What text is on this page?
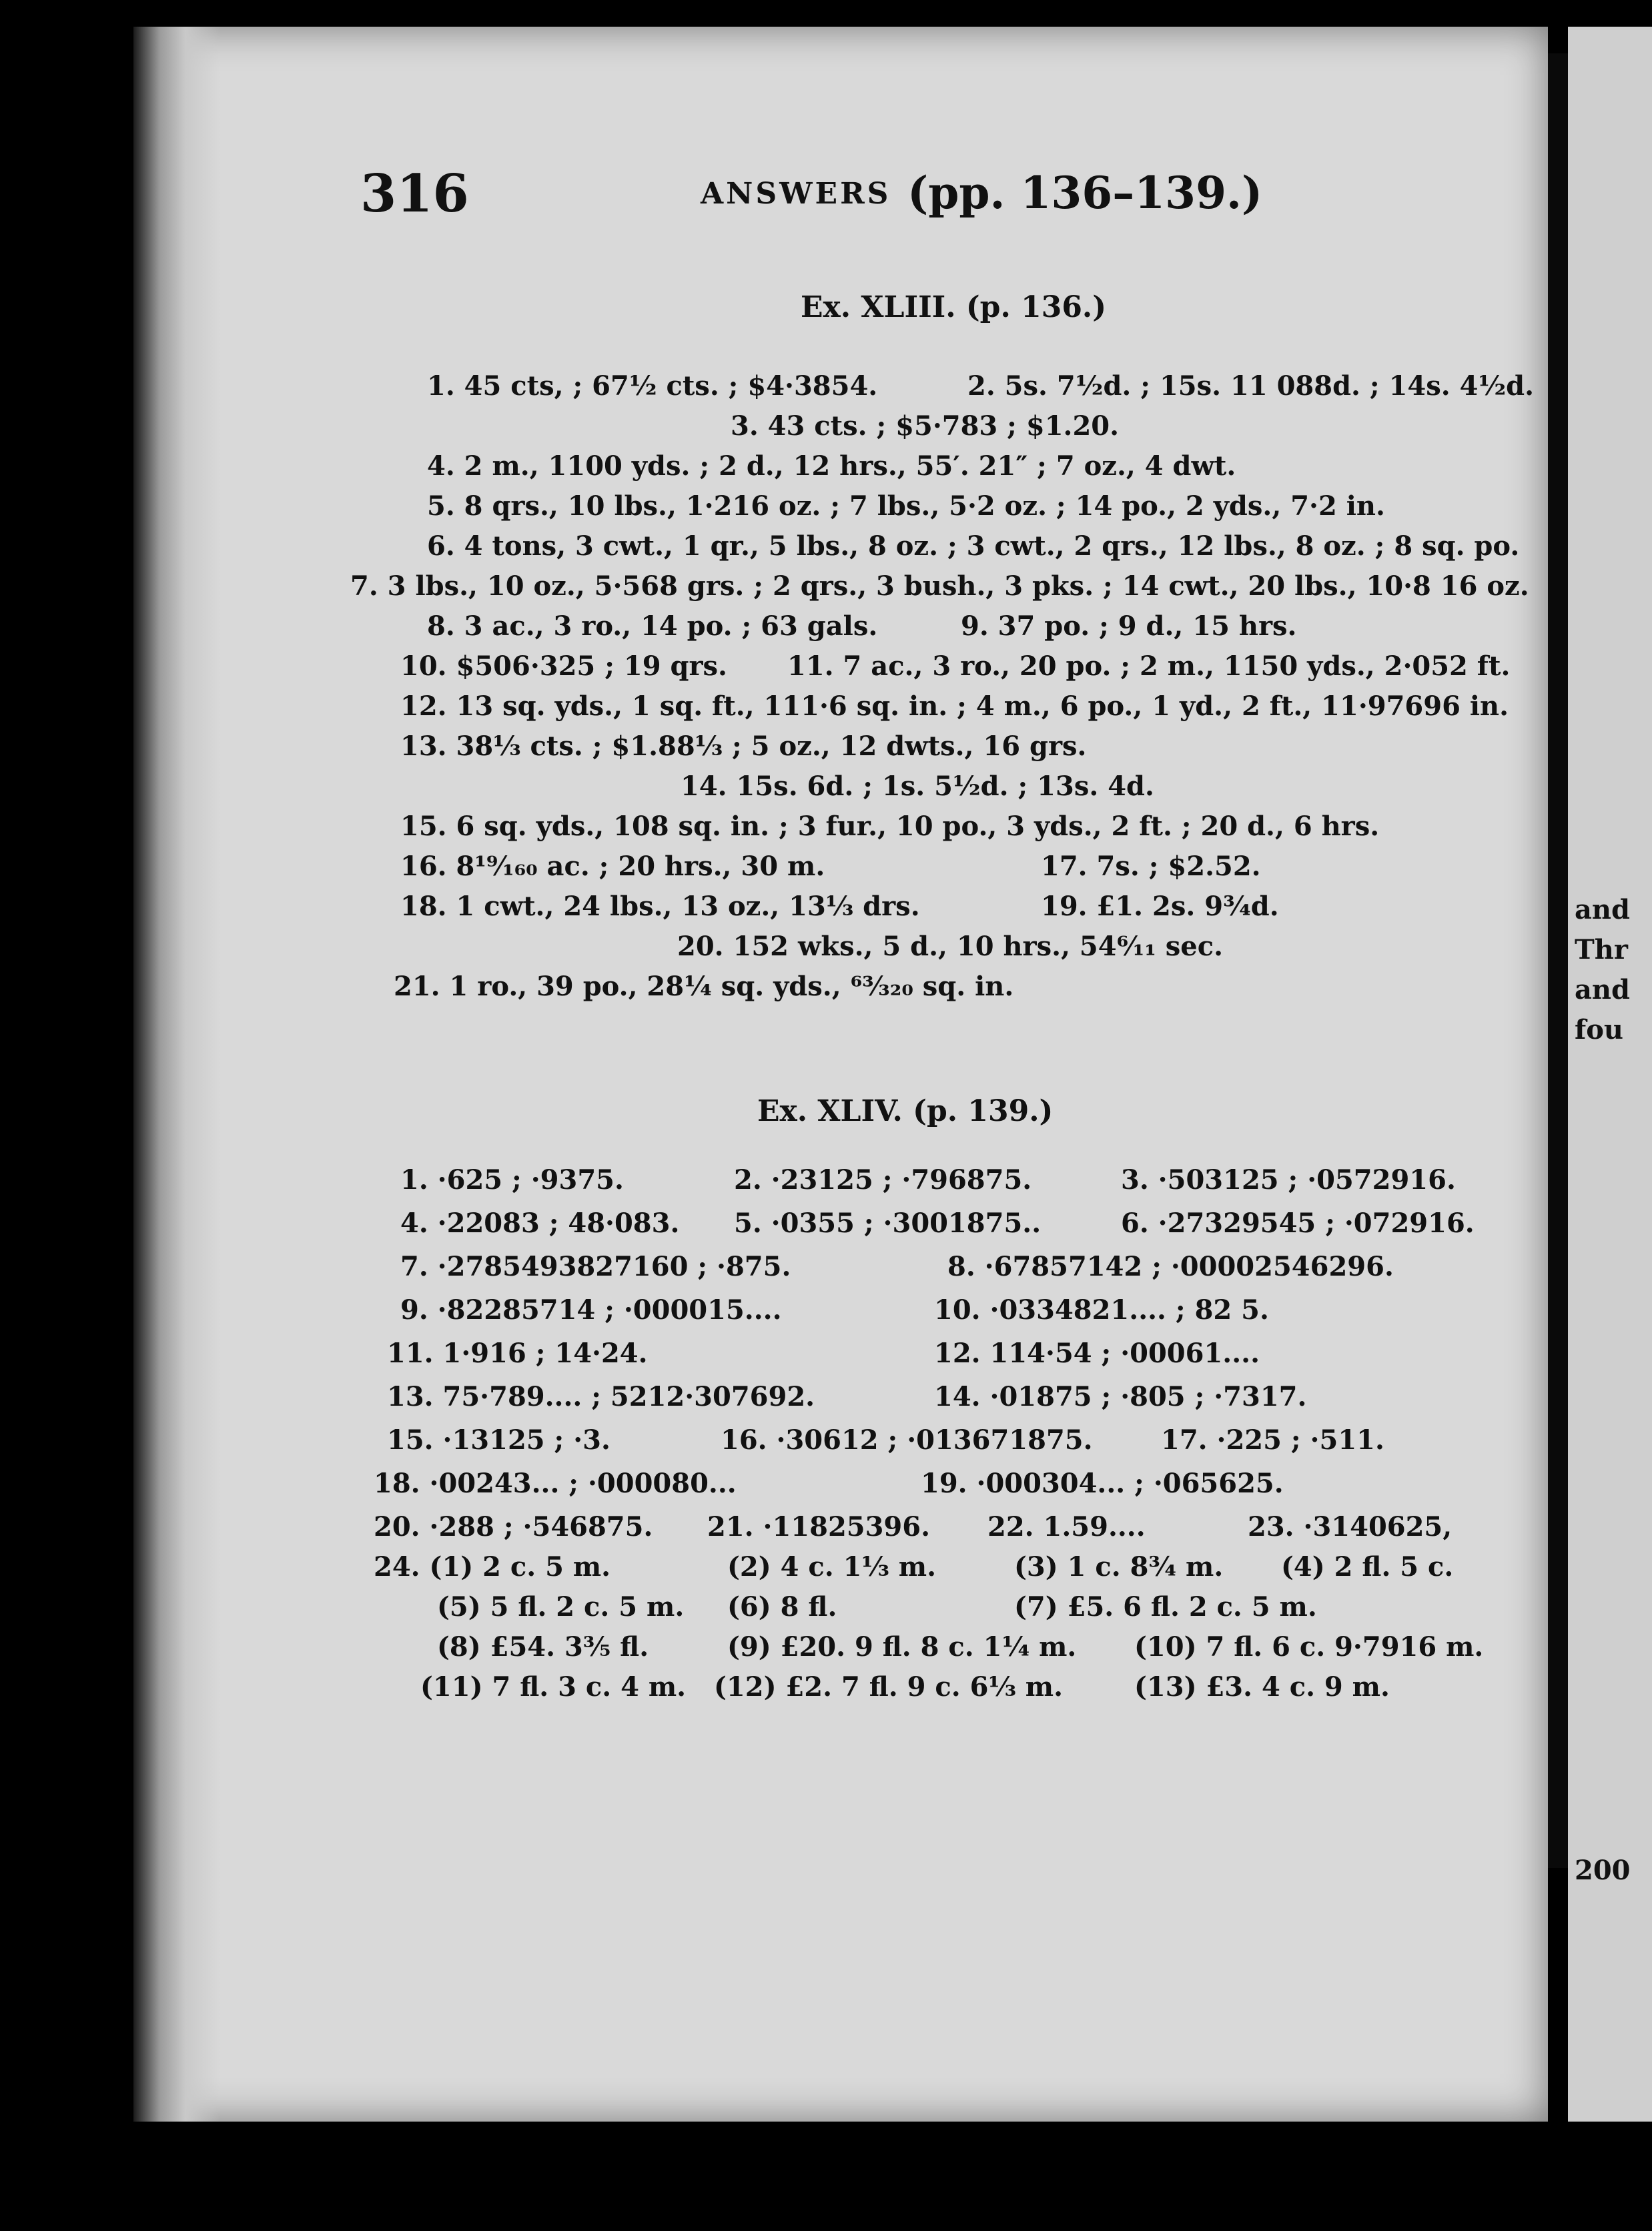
316	ANSWERS (pp. 136–139.)
Ex. XLIII. (p. 136.)
1. 45 cts, ; 67½ cts. ; $4·3854.	2. 5s. 7½d. ; 15s. 11 088d. ; 14s. 4½d.
3. 43 cts. ; $5·783 ; $1.20.
4. 2 m., 1100 yds. ; 2 d., 12 hrs., 55′. 21″ ; 7 oz., 4 dwt.
5. 8 qrs., 10 lbs., 1·216 oz. ; 7 lbs., 5·2 oz. ; 14 po., 2 yds., 7·2 in.
6. 4 tons, 3 cwt., 1 qr., 5 lbs., 8 oz. ; 3 cwt., 2 qrs., 12 lbs., 8 oz. ; 8 sq. po.
7. 3 lbs., 10 oz., 5·568 grs. ; 2 qrs., 3 bush., 3 pks. ; 14 cwt., 20 lbs., 10·8 16 oz.
8. 3 ac., 3 ro., 14 po. ; 63 gals.	9. 37 po. ; 9 d., 15 hrs.
10. $506·325 ; 19 qrs. 11. 7 ac., 3 ro., 20 po. ; 2 m., 1150 yds., 2·052 ft.
12. 13 sq. yds., 1 sq. ft., 111·6 sq. in. ; 4 m., 6 po., 1 yd., 2 ft., 11·97696 in.
13. 38⅓ cts. ; $1.88⅓ ; 5 oz., 12 dwts., 16 grs.
14. 15s. 6d. ; 1s. 5½d. ; 13s. 4d.
15. 6 sq. yds., 108 sq. in. ; 3 fur., 10 po., 3 yds., 2 ft. ; 20 d., 6 hrs.
16. 8¹⁹⁄₁₆₀ ac. ; 20 hrs., 30 m.	17. 7s. ; $2.52.
18. 1 cwt., 24 lbs., 13 oz., 13⅓ drs.	19. £1. 2s. 9¾d.
20. 152 wks., 5 d., 10 hrs., 54⁶⁄₁₁ sec.
21. 1 ro., 39 po., 28¼ sq. yds., ⁶³⁄₃₂₀ sq. in.
Ex. XLIV. (p. 139.)
1. ·625 ; ·9375.	2. ·23125 ; ·796875.	3. ·503125 ; ·0572916.
4. ·22083 ; 48·083. 5. ·0355 ; ·3001875..	6. ·27329545 ; ·072916.
7. ·2785493827160 ; ·875.	8. ·67857142 ; ·00002546296.
9. ·82285714 ; ·000015....	10. ·0334821.... ; 82 5.
11. 1·916 ; 14·24.	12. 114·54 ; ·00061....
13. 75·789.... ; 5212·307692.	14. ·01875 ; ·805 ; ·7317.
15. ·13125 ; ·3.	16. ·30612 ; ·013671875.	17. ·225 ; ·511.
18. ·00243... ; ·000080...	19. ·000304... ; ·065625.
20. ·288 ; ·546875. 21. ·11825396. 22. 1.59....	23. ·3140625,
24. (1) 2 c. 5 m.	(2) 4 c. 1⅓ m.	(3) 1 c. 8¾ m. (4) 2 fl. 5 c.
(5) 5 fl. 2 c. 5 m. (6) 8 fl.	(7) £5. 6 fl. 2 c. 5 m.
(8) £54. 3⅗ fl.	(9) £20. 9 fl. 8 c. 1¼ m. (10) 7 fl. 6 c. 9·7916 m.
(11) 7 fl. 3 c. 4 m. (12) £2. 7 fl. 9 c. 6⅓ m.	(13) £3. 4 c. 9 m.
and
Thr
and
fou
200
